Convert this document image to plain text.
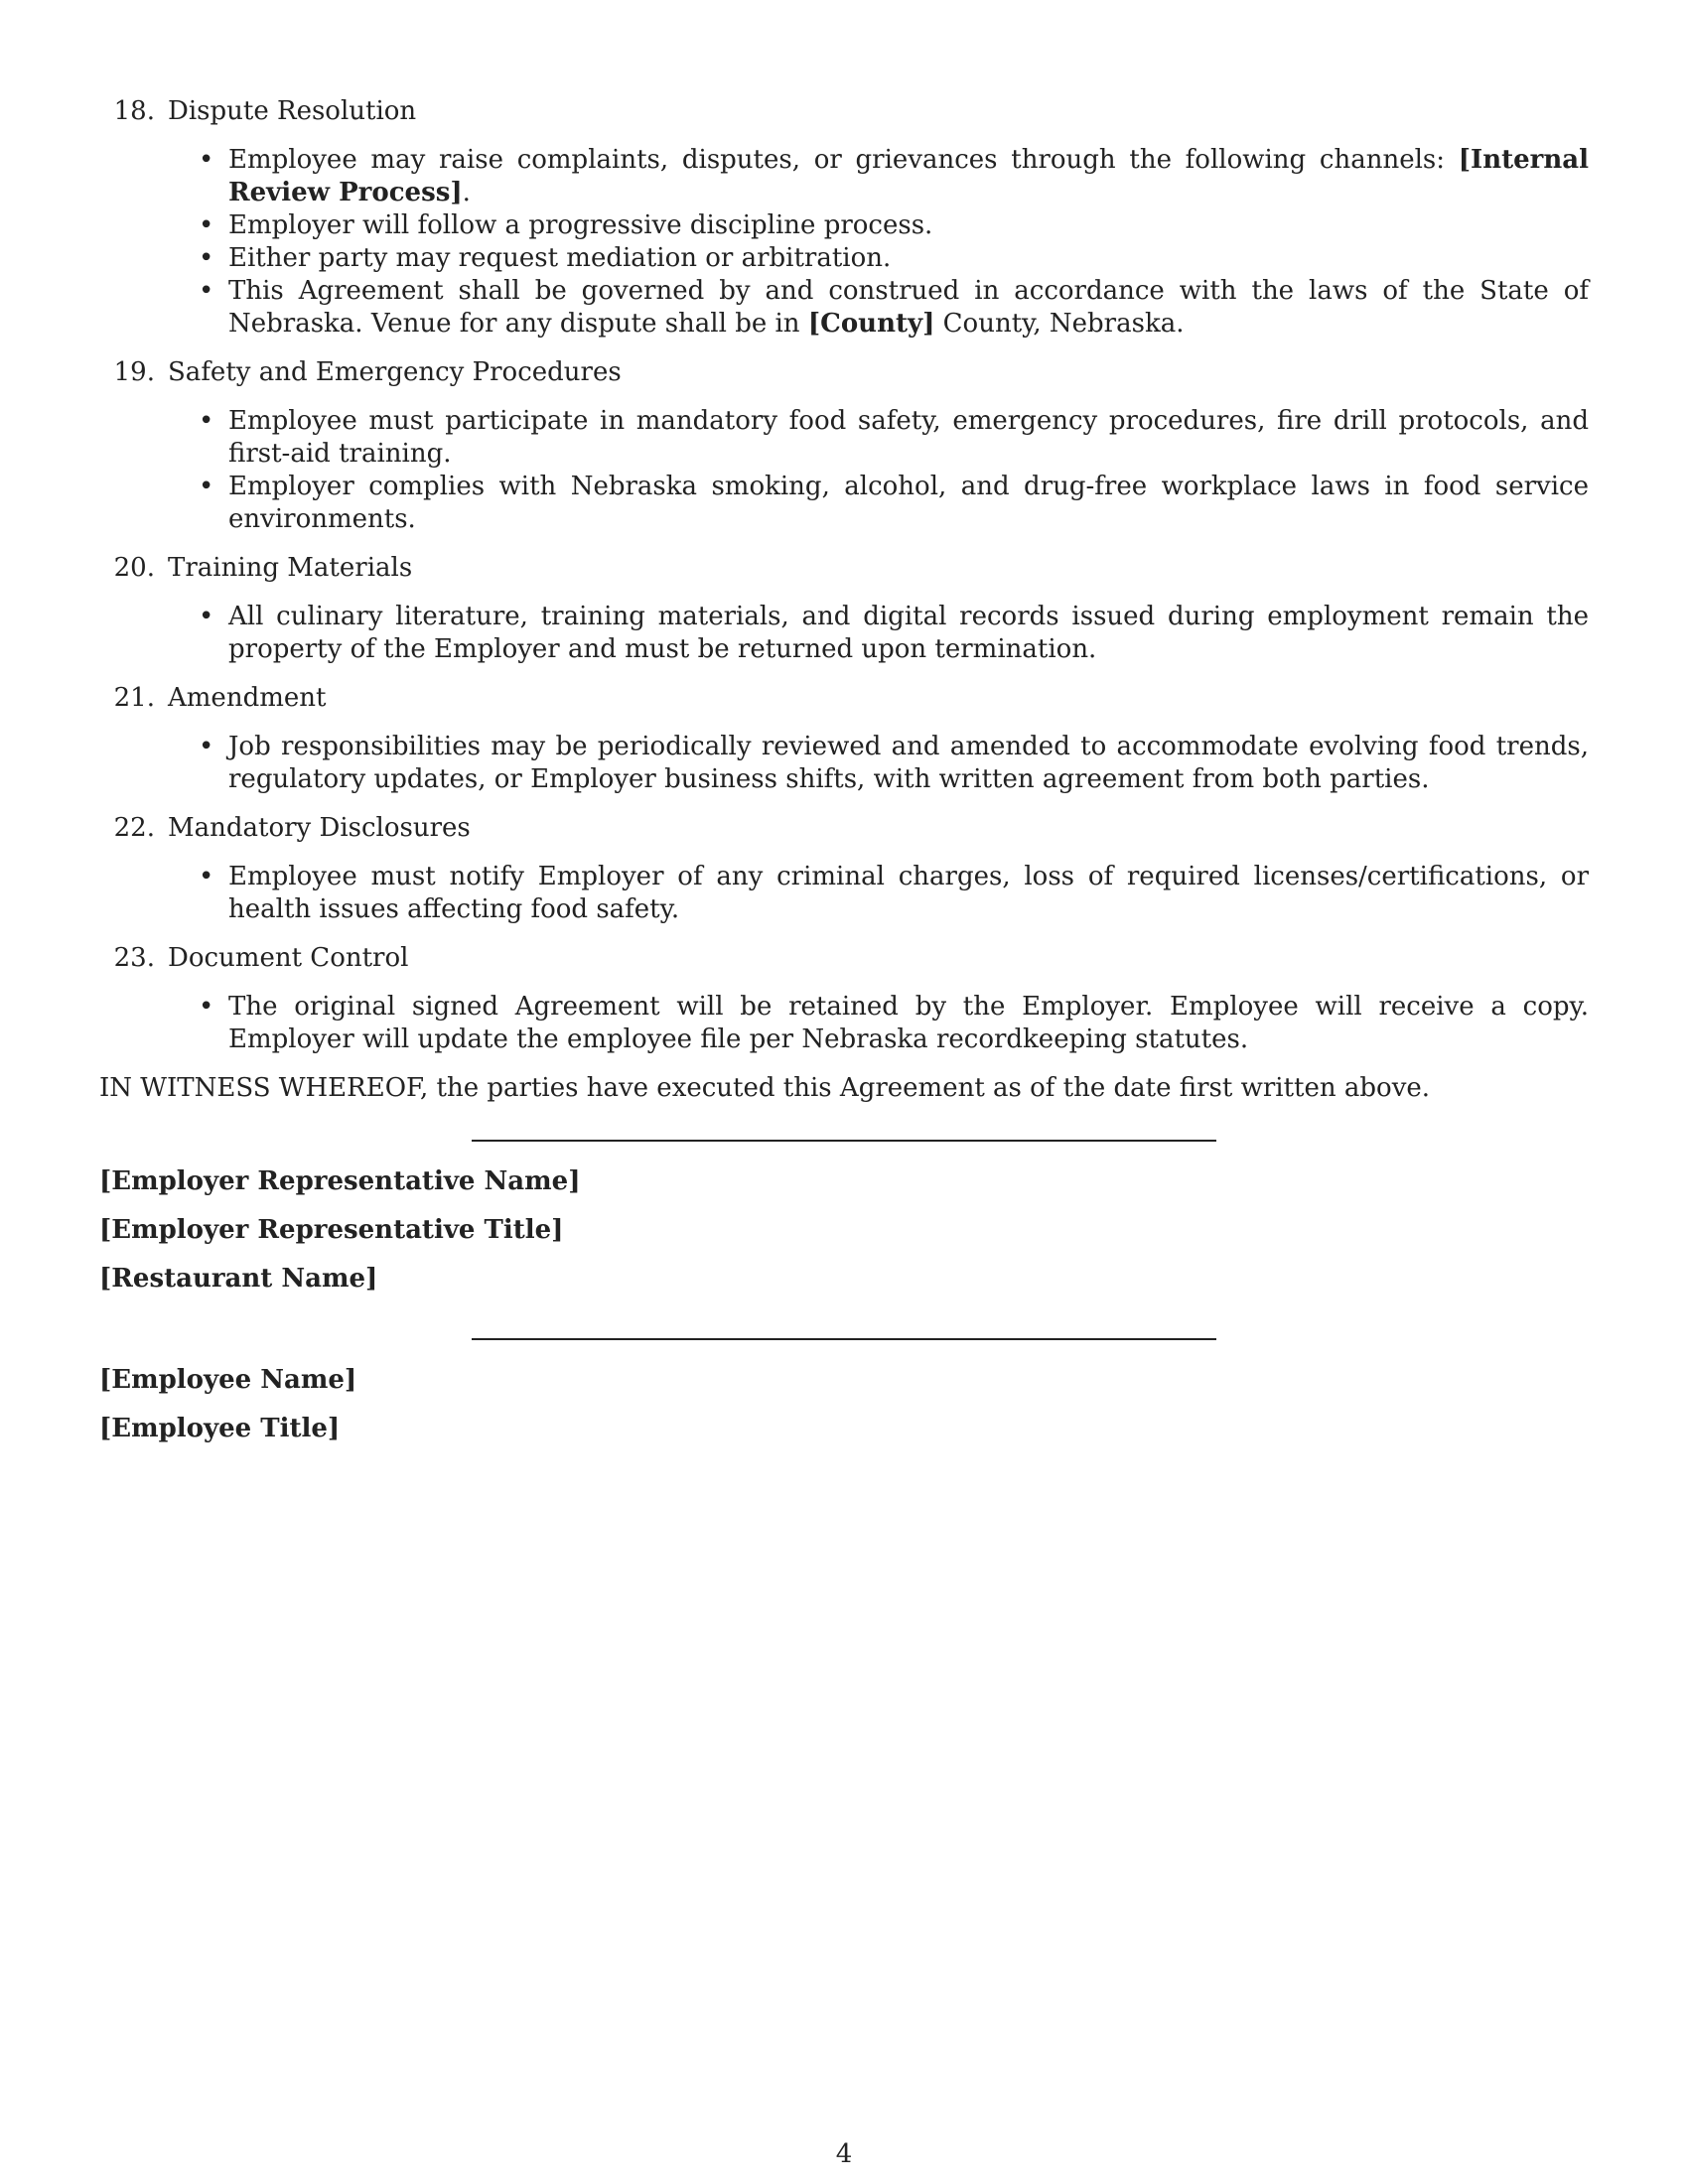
18. Dispute Resolution
• Employee may raise complaints, disputes, or grievances through the following channels: [Internal Review Process].
• Employer will follow a progressive discipline process.
• Either party may request mediation or arbitration.
• This Agreement shall be governed by and construed in accordance with the laws of the State of Nebraska. Venue for any dispute shall be in [County] County, Nebraska.
19. Safety and Emergency Procedures
• Employee must participate in mandatory food safety, emergency procedures, fire drill protocols, and first-aid training.
• Employer complies with Nebraska smoking, alcohol, and drug-free workplace laws in food service environments.
20. Training Materials
• All culinary literature, training materials, and digital records issued during employment remain the property of the Employer and must be returned upon termination.
21. Amendment
• Job responsibilities may be periodically reviewed and amended to accommodate evolving food trends, regulatory updates, or Employer business shifts, with written agreement from both parties.
22. Mandatory Disclosures
• Employee must notify Employer of any criminal charges, loss of required licenses/certifications, or health issues affecting food safety.
23. Document Control
• The original signed Agreement will be retained by the Employer. Employee will receive a copy. Employer will update the employee file per Nebraska recordkeeping statutes.
IN WITNESS WHEREOF, the parties have executed this Agreement as of the date first written above.
[Employer Representative Name]
[Employer Representative Title]
[Restaurant Name]
[Employee Name]
[Employee Title]
4
